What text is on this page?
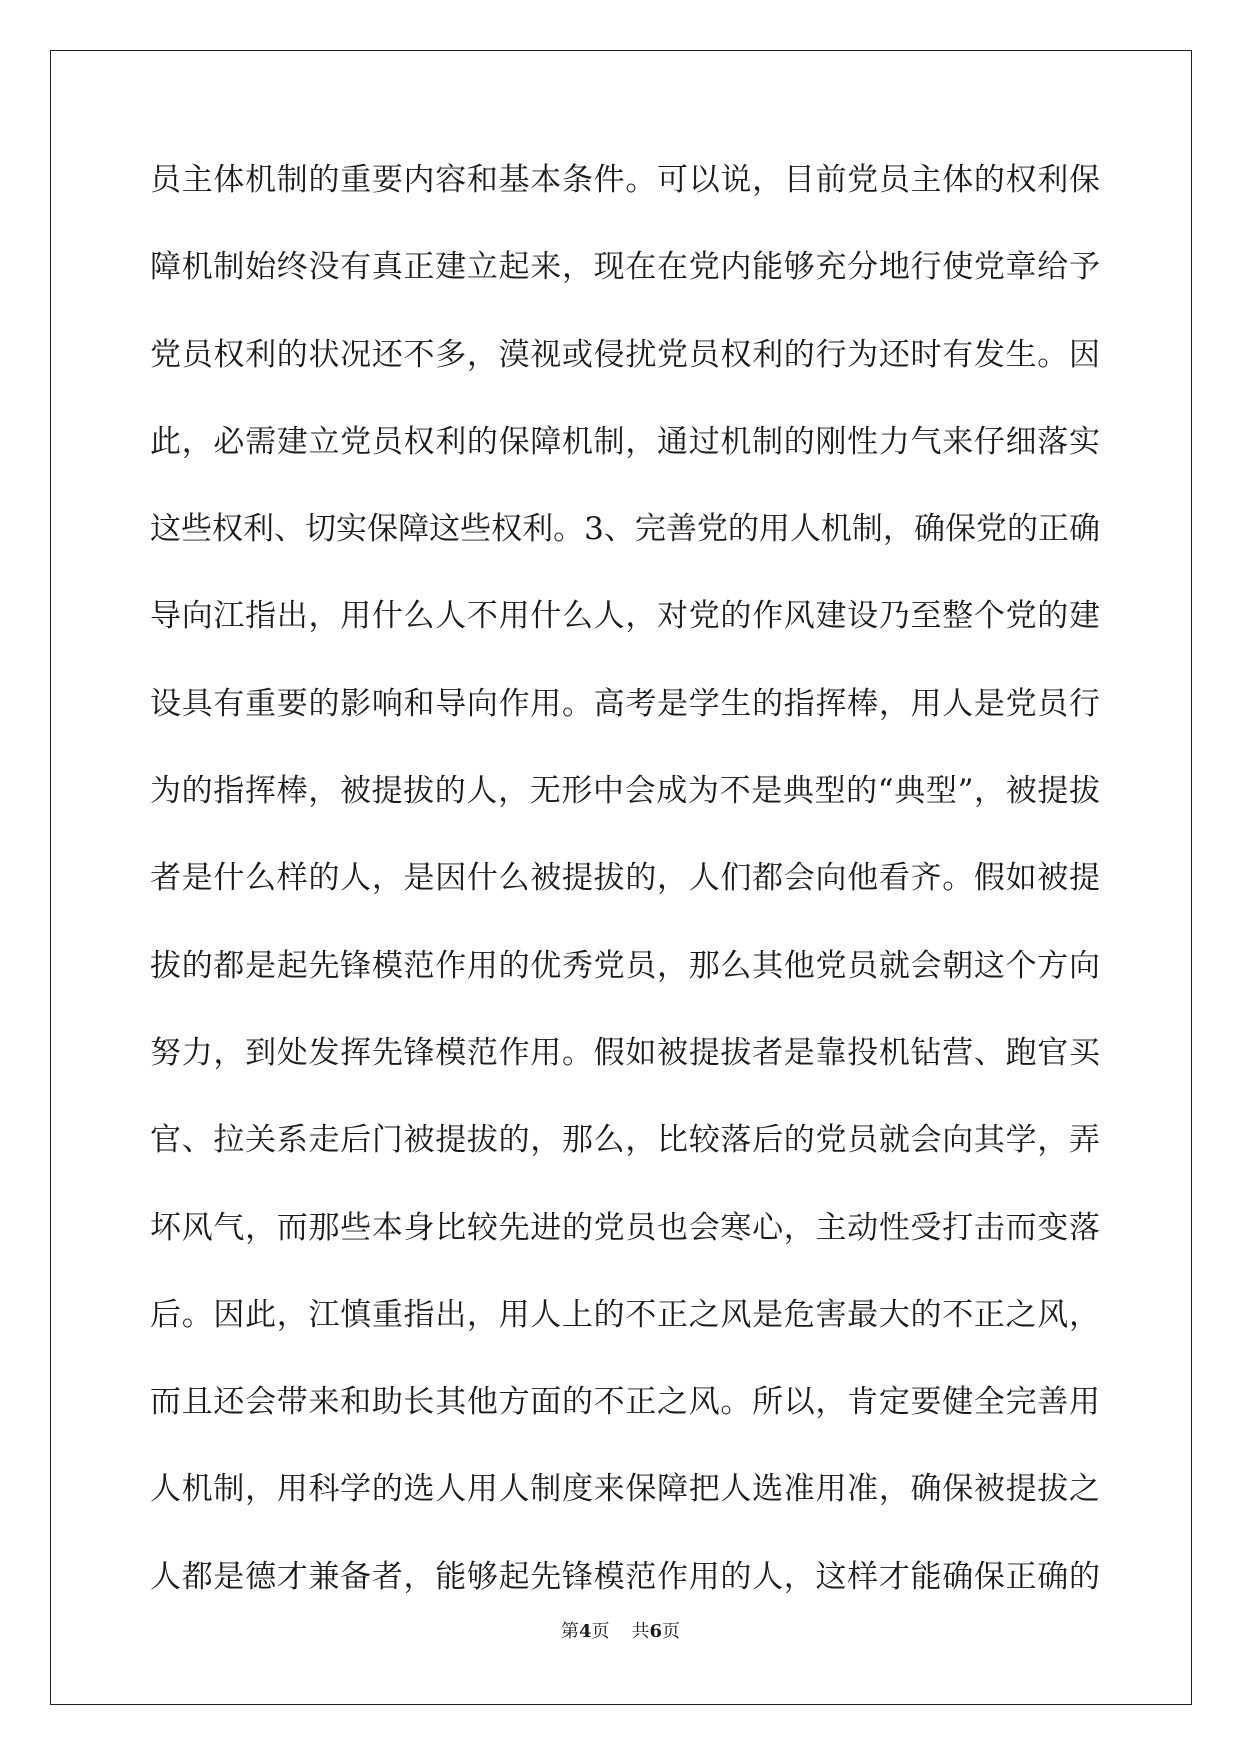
员主体机制的重要内容和基本条件。可以说，目前党员主体的权利保
障机制始终没有真正建立起来，现在在党内能够充分地行使党章给予
党员权利的状况还不多，漠视或侵扰党员权利的行为还时有发生。因
此，必需建立党员权利的保障机制，通过机制的刚性力气来仔细落实
这些权利、切实保障这些权利。3、完善党的用人机制，确保党的正确
导向江指出，用什么人不用什么人，对党的作风建设乃至整个党的建
设具有重要的影响和导向作用。高考是学生的指挥棒，用人是党员行
为的指挥棒，被提拔的人，无形中会成为不是典型的“典型”，被提拔
者是什么样的人，是因什么被提拔的，人们都会向他看齐。假如被提
拔的都是起先锋模范作用的优秀党员，那么其他党员就会朝这个方向
努力，到处发挥先锋模范作用。假如被提拔者是靠投机钻营、跑官买
官、拉关系走后门被提拔的，那么，比较落后的党员就会向其学，弄
坏风气，而那些本身比较先进的党员也会寒心，主动性受打击而变落
后。因此，江慎重指出，用人上的不正之风是危害最大的不正之风，
而且还会带来和助长其他方面的不正之风。所以，肯定要健全完善用
人机制，用科学的选人用人制度来保障把人选准用准，确保被提拔之
人都是德才兼备者，能够起先锋模范作用的人，这样才能确保正确的
第4页 共6页
